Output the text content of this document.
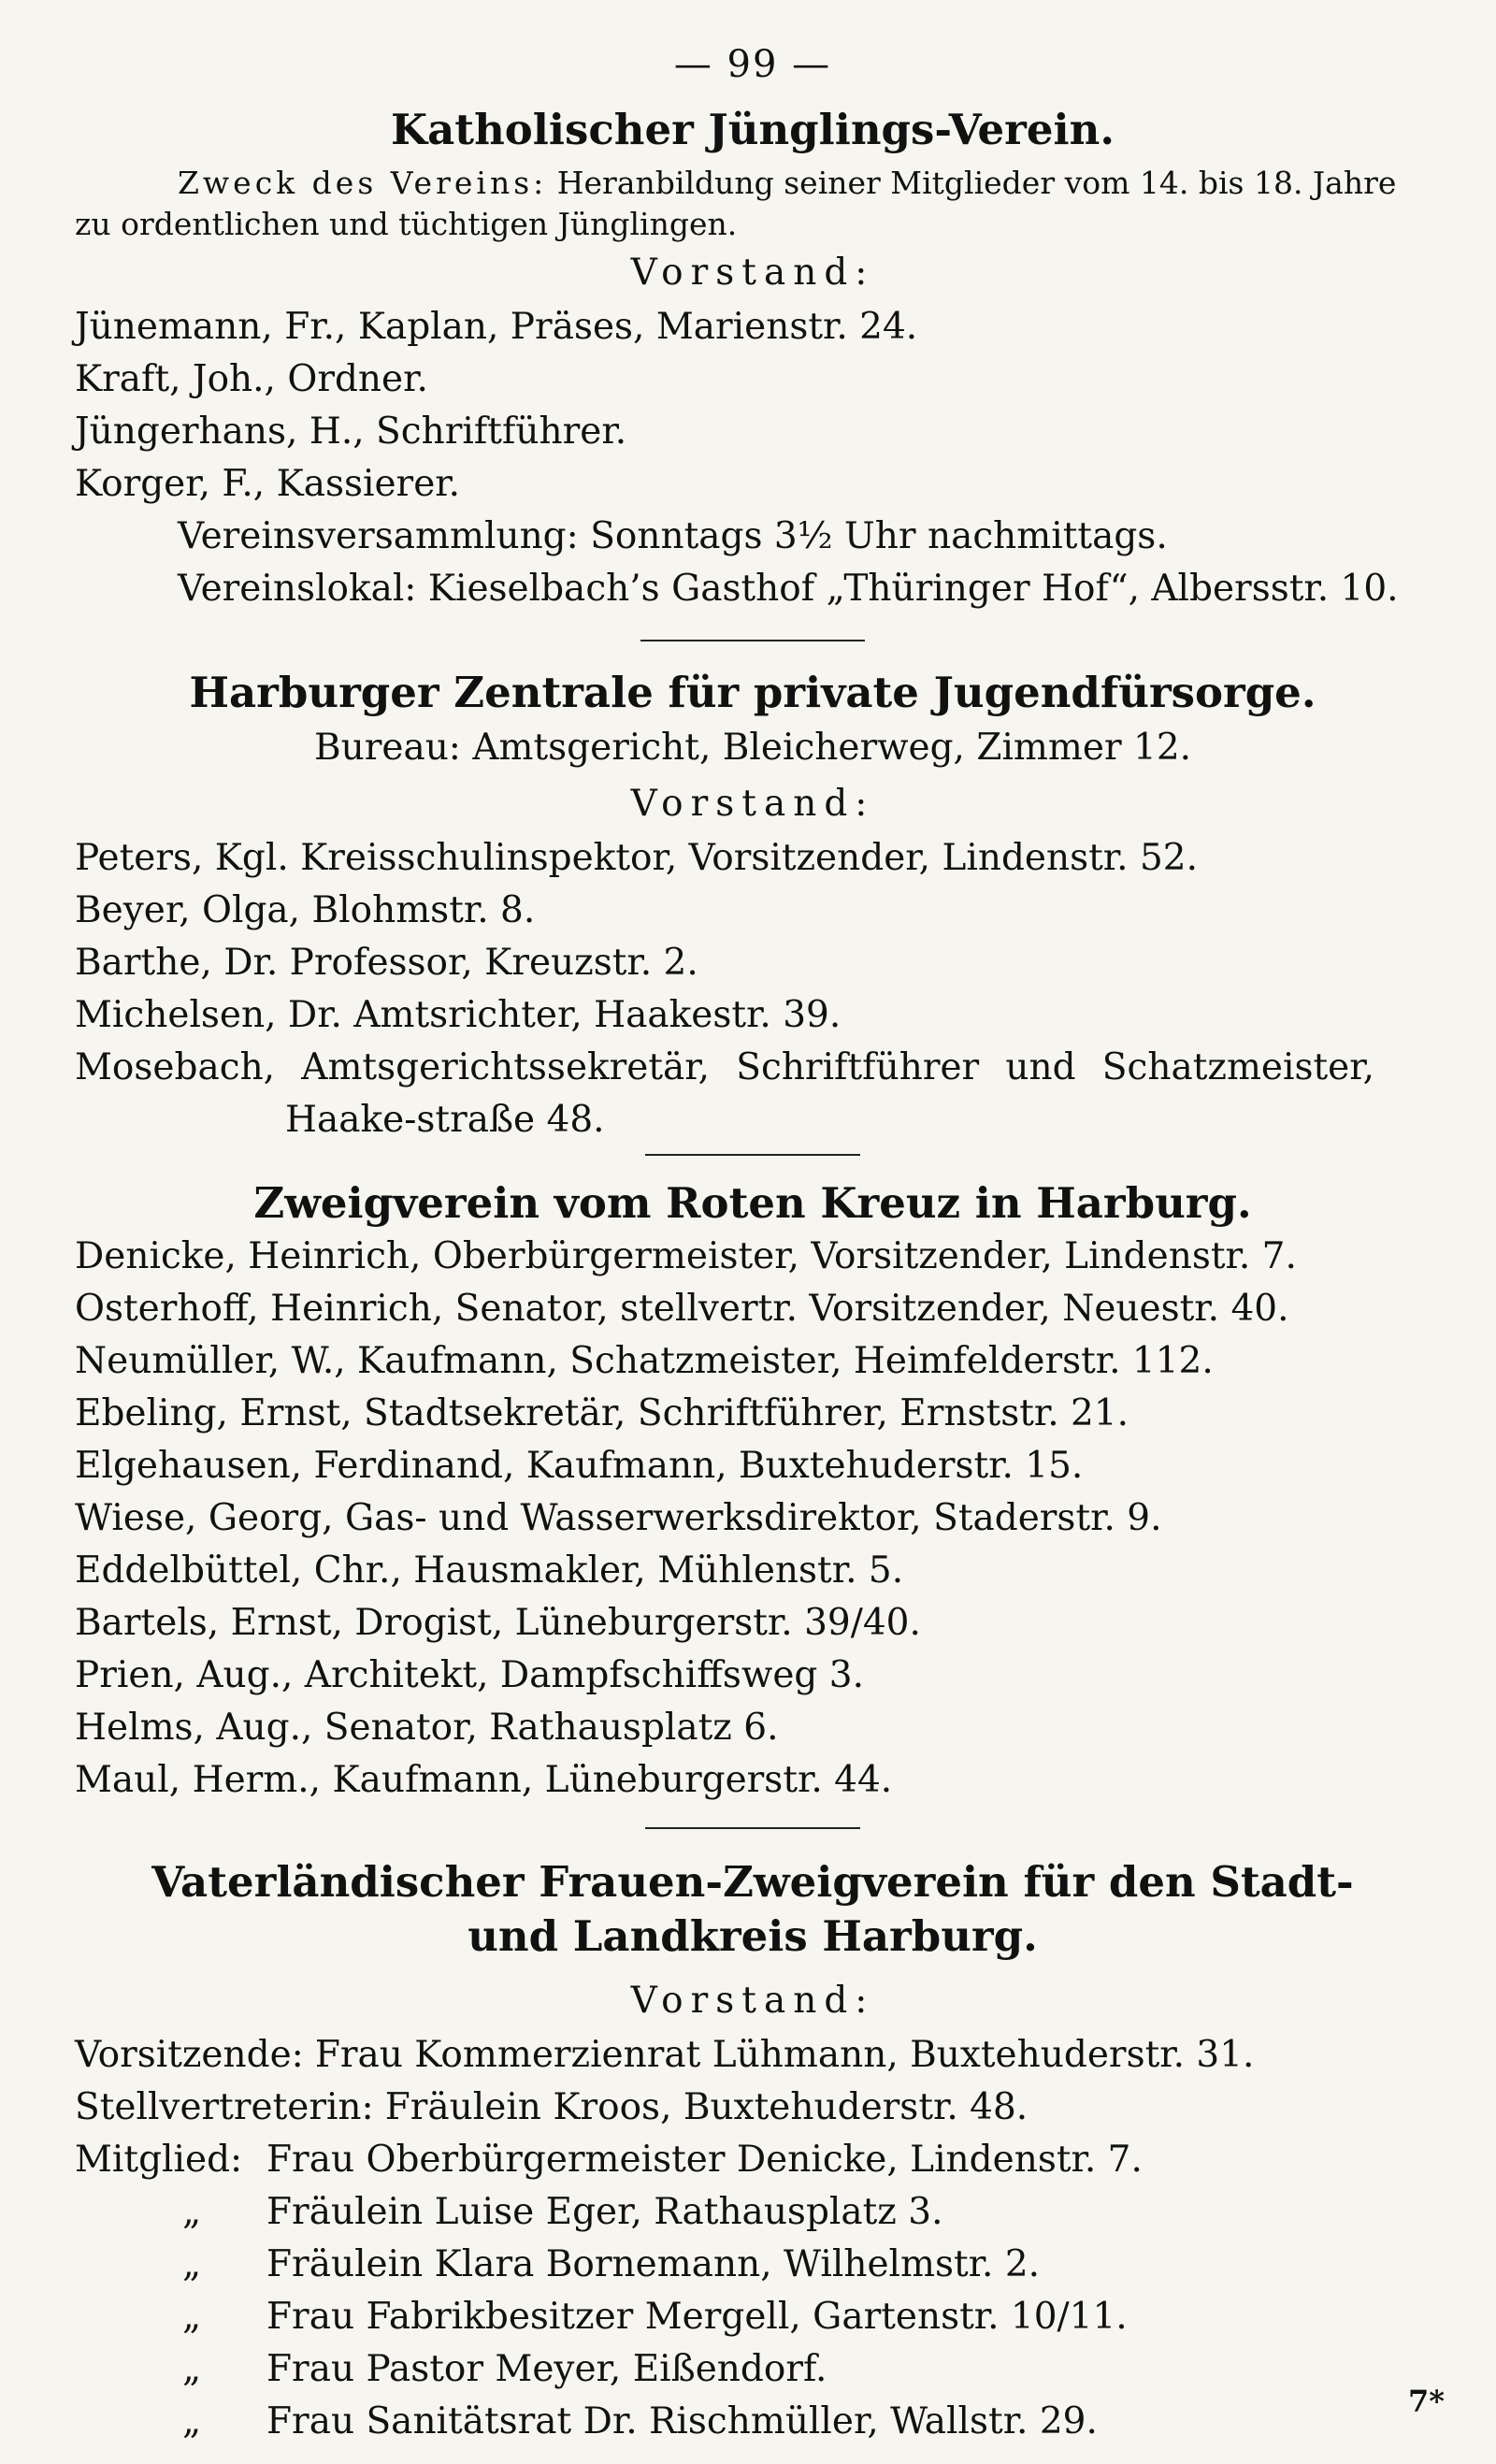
— 99 —
Katholischer Jünglings-Verein.

Zweck des Vereins: Heranbildung seiner Mitglieder vom 14. bis 18. Jahre zu ordentlichen und tüchtigen Jünglingen.

Vorstand:

Jünemann, Fr., Kaplan, Präses, Marienstr. 24.

Kraft, Joh., Ordner.

Jüngerhans, H., Schriftführer.

Korger, F., Kassierer.

Vereinsversammlung: Sonntags 3½ Uhr nachmittags.

Vereinslokal: Kieselbach’s Gasthof „Thüringer Hof“, Albersstr. 10.

Harburger Zentrale für private Jugendfürsorge.

Bureau: Amtsgericht, Bleicherweg, Zimmer 12.

Vorstand:

Peters, Kgl. Kreisschulinspektor, Vorsitzender, Lindenstr. 52.

Beyer, Olga, Blohmstr. 8.

Barthe, Dr. Professor, Kreuzstr. 2.

Michelsen, Dr. Amtsrichter, Haakestr. 39.

Mosebach, Amtsgerichtssekretär, Schriftführer und Schatzmeister, Haake-straße 48.

Zweigverein vom Roten Kreuz in Harburg.

Denicke, Heinrich, Oberbürgermeister, Vorsitzender, Lindenstr. 7.

Osterhoff, Heinrich, Senator, stellvertr. Vorsitzender, Neuestr. 40.

Neumüller, W., Kaufmann, Schatzmeister, Heimfelderstr. 112.

Ebeling, Ernst, Stadtsekretär, Schriftführer, Ernststr. 21.

Elgehausen, Ferdinand, Kaufmann, Buxtehuderstr. 15.

Wiese, Georg, Gas- und Wasserwerksdirektor, Staderstr. 9.

Eddelbüttel, Chr., Hausmakler, Mühlenstr. 5.

Bartels, Ernst, Drogist, Lüneburgerstr. 39/40.

Prien, Aug., Architekt, Dampfschiffsweg 3.

Helms, Aug., Senator, Rathausplatz 6.

Maul, Herm., Kaufmann, Lüneburgerstr. 44.

Vaterländischer Frauen-Zweigverein für den Stadt-
und Landkreis Harburg.

Vorstand:

Vorsitzende: Frau Kommerzienrat Lühmann, Buxtehuderstr. 31.
Stellvertreterin: Fräulein Kroos, Buxtehuderstr. 48.
Mitglied: Frau Oberbürgermeister Denicke, Lindenstr. 7.
„	Fräulein Luise Eger, Rathausplatz 3.
„	Fräulein Klara Bornemann, Wilhelmstr. 2.
„	Frau Fabrikbesitzer Mergell, Gartenstr. 10/11.
„	Frau Pastor Meyer, Eißendorf.
„	Frau Sanitätsrat Dr. Rischmüller, Wallstr. 29.	7*
